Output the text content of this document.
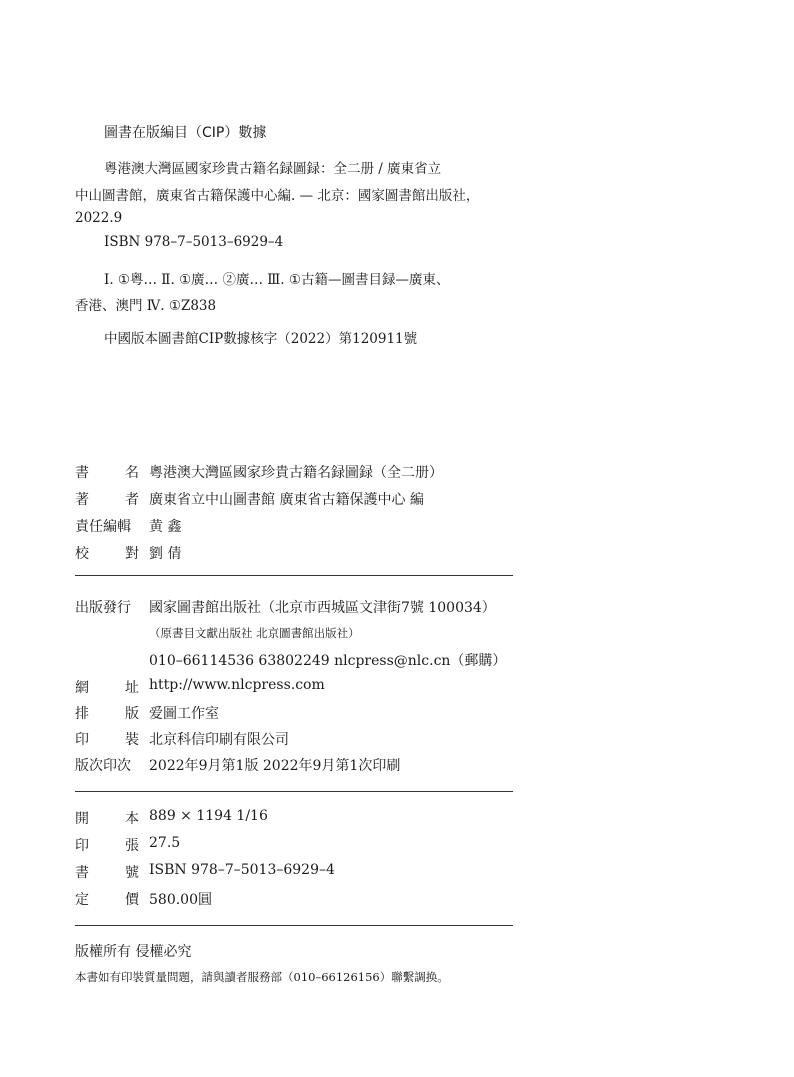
圖書在版編目（CIP）數據
粵港澳大灣區國家珍貴古籍名録圖録：全二册 / 廣東省立
中山圖書館，廣東省古籍保護中心編. — 北京：國家圖書館出版社，
2022.9
ISBN 978–7–5013–6929–4
Ⅰ. ①粵… Ⅱ. ①廣… ②廣… Ⅲ. ①古籍—圖書目録—廣東、
香港、澳門 Ⅳ. ①Z838
中國版本圖書館CIP數據核字（2022）第120911號
書	名 粵港澳大灣區國家珍貴古籍名録圖録（全二册）
著	者 廣東省立中山圖書館 廣東省古籍保護中心 編
責任編輯	黄 鑫
校	對 劉 倩
出版發行	國家圖書館出版社（北京市西城區文津街7號 100034）
（原書目文獻出版社 北京圖書館出版社）
010–66114536 63802249 nlcpress@nlc.cn（郵購）
網	址 http://www.nlcpress.com
排	版 爱圖工作室
印	裝 北京科信印刷有限公司
版次印次	2022年9月第1版 2022年9月第1次印刷
開	本 889 × 1194 1/16
印	張 27.5
書	號 ISBN 978–7–5013–6929–4
定	價 580.00圓
版權所有 侵權必究
本書如有印裝質量問題，請與讀者服務部（010–66126156）聯繫調换。
